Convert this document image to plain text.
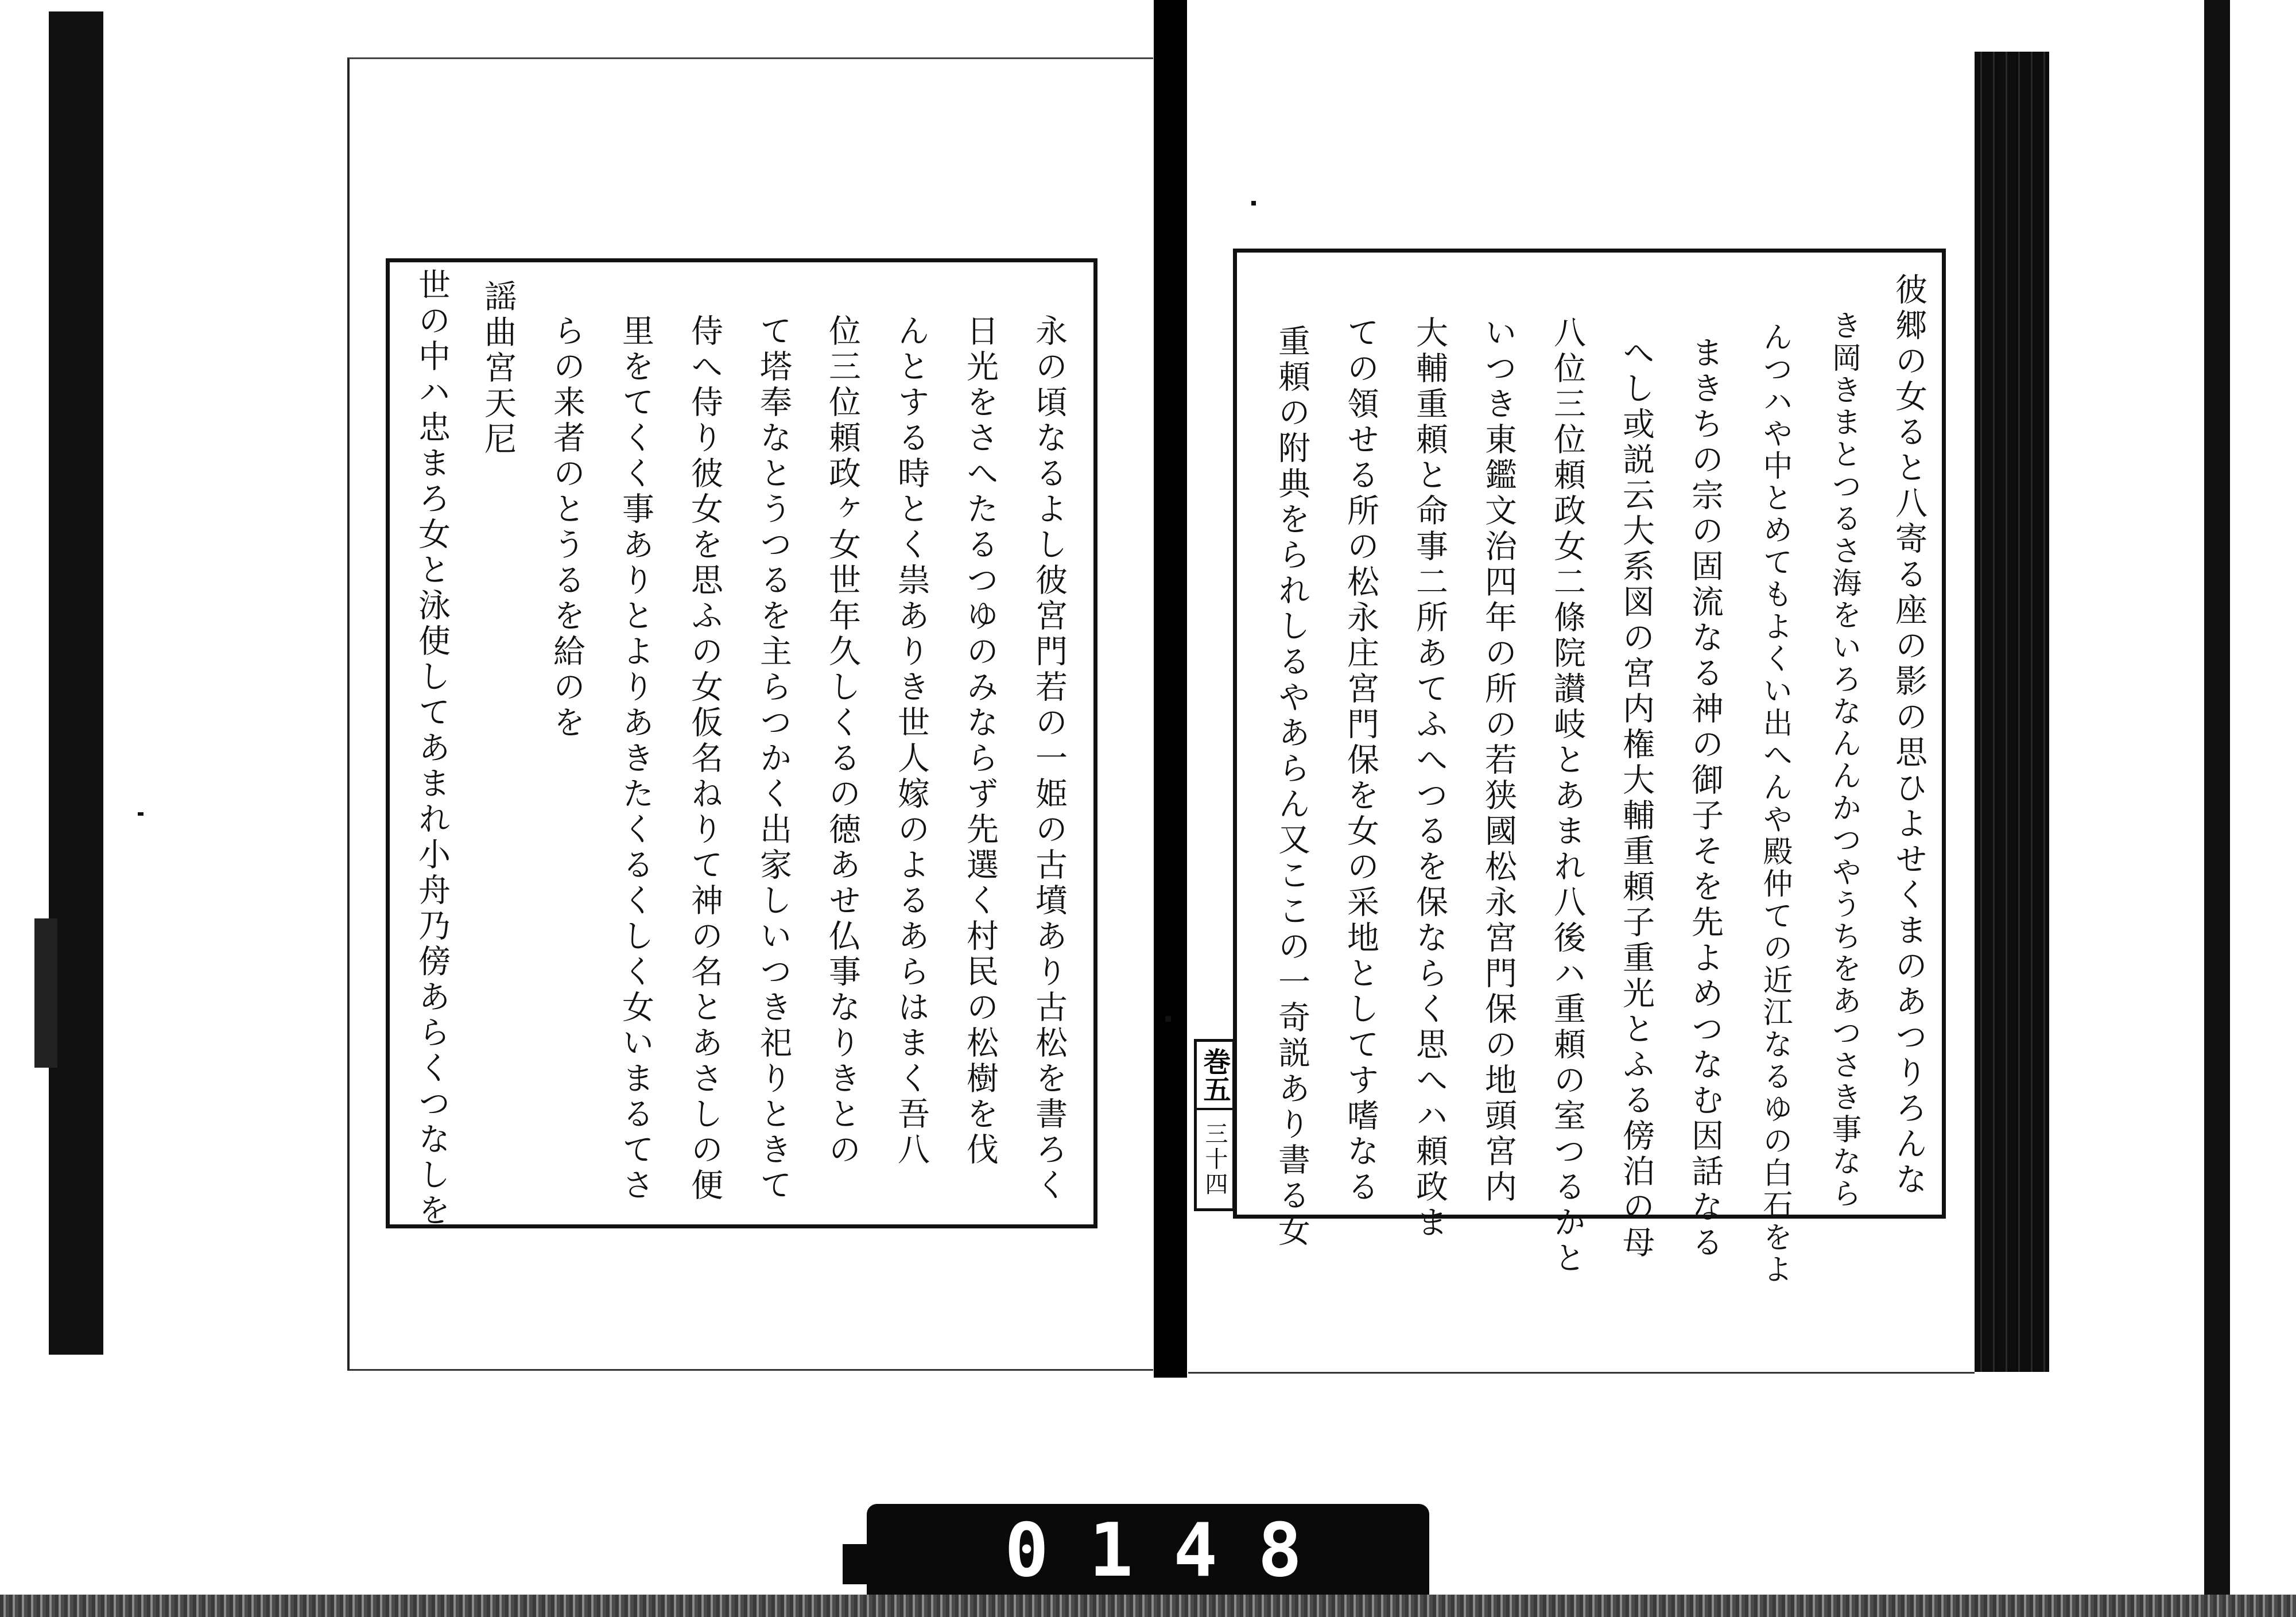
永の頃なるよし彼宮門若の一姫の古墳あり古松を書ろく
日光をさへたるつゆのみならず先選く村民の松樹を伐
んとする時とく祟ありき世人嫁のよるあらはまく吾八
位三位頼政ヶ女世年久しくるの徳あせ仏事なりきとの
て塔奉なとうつるを主らつかく出家しいつき祀りときて
侍へ侍り彼女を思ふの女仮名ねりて神の名とあさしの便
里をてくく事ありとよりあきたくるくしく女いまるてさ
らの来者のとうるを給のを
謡曲宮天尼
世の中ハ忠まろ女と泳使してあまれ小舟乃傍あらくつなしを	彼郷の女ると八寄る座の影の思ひよせくまのあつりろんな
き岡きまとつるさ海をいろなんんかつやうちをあつさき事なら
んつハや中とめてもよくい出へんや殿仲ての近江なるゆの白石をよ
まきちの宗の固流なる神の御子そを先よめつなむ因話なる
へし或説云大系図の宮内権大輔重頼子重光とふる傍泊の母
八位三位頼政女二條院讃岐とあまれ八後ハ重頼の室つるかと
いつき東鑑文治四年の所の若狭國松永宮門保の地頭宮内
大輔重頼と命事二所あてふへつるを保ならく思へハ頼政ま
ての領せる所の松永庄宮門保を女の采地としてす嗜なる
重頼の附典をられしるやあらん又ここの一奇説あり書る女
巻五
三十四
0148
